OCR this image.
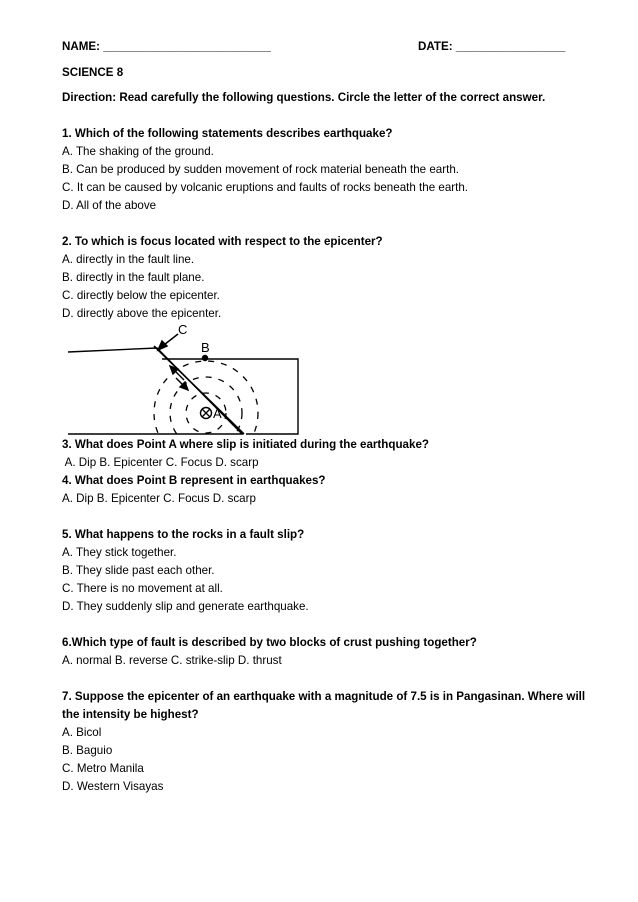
NAME: __________________________	DATE: _________________
SCIENCE 8
Direction: Read carefully the following questions. Circle the letter of the correct answer.
1. Which of the following statements describes earthquake?
A. The shaking of the ground.
B. Can be produced by sudden movement of rock material beneath the earth.
C. It can be caused by volcanic eruptions and faults of rocks beneath the earth.
D. All of the above
2. To which is focus located with respect to the epicenter?
A. directly in the fault line.
B. directly in the fault plane.
C. directly below the epicenter.
D. directly above the epicenter.
C
B
A
3. What does Point A where slip is initiated during the earthquake?
A. Dip B. Epicenter C. Focus D. scarp
4. What does Point B represent in earthquakes?
A. Dip B. Epicenter C. Focus D. scarp
5. What happens to the rocks in a fault slip?
A. They stick together.
B. They slide past each other.
C. There is no movement at all.
D. They suddenly slip and generate earthquake.
6.Which type of fault is described by two blocks of crust pushing together?
A. normal B. reverse C. strike-slip D. thrust
7. Suppose the epicenter of an earthquake with a magnitude of 7.5 is in Pangasinan. Where will
the intensity be highest?
A. Bicol
B. Baguio
C. Metro Manila
D. Western Visayas
